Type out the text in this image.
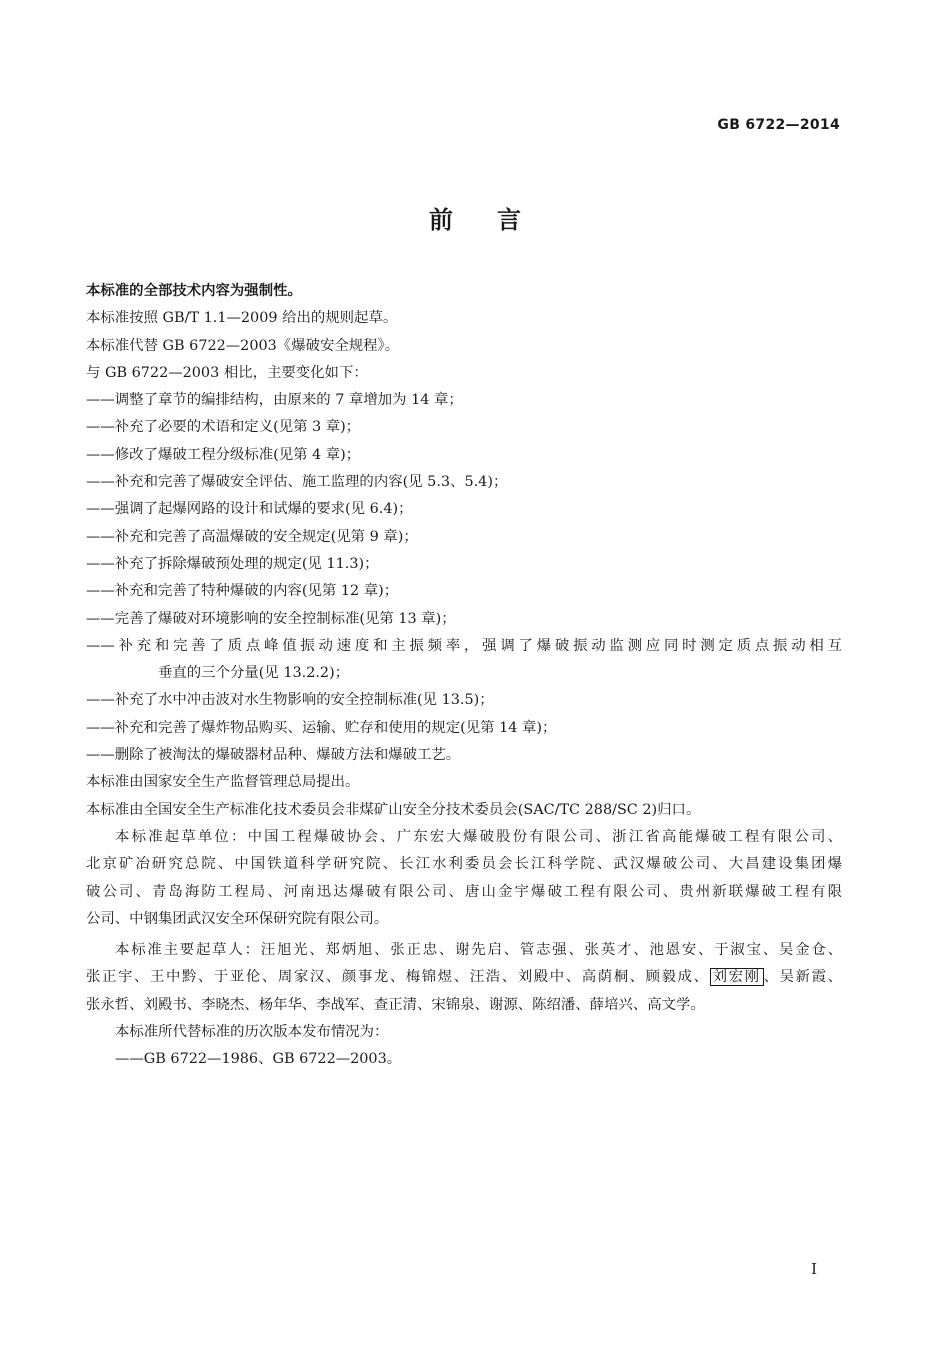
GB 6722—2014
前 言
本标准的全部技术内容为强制性。
本标准按照 GB/T 1.1—2009 给出的规则起草。
本标准代替 GB 6722—2003《爆破安全规程》。
与 GB 6722—2003 相比，主要变化如下：
——调整了章节的编排结构，由原来的 7 章增加为 14 章；
——补充了必要的术语和定义(见第 3 章)；
——修改了爆破工程分级标准(见第 4 章)；
——补充和完善了爆破安全评估、施工监理的内容(见 5.3、5.4)；
——强调了起爆网路的设计和试爆的要求(见 6.4)；
——补充和完善了高温爆破的安全规定(见第 9 章)；
——补充了拆除爆破预处理的规定(见 11.3)；
——补充和完善了特种爆破的内容(见第 12 章)；
——完善了爆破对环境影响的安全控制标准(见第 13 章)；
——补充和完善了质点峰值振动速度和主振频率，强调了爆破振动监测应同时测定质点振动相互
垂直的三个分量(见 13.2.2)；
——补充了水中冲击波对水生物影响的安全控制标准(见 13.5)；
——补充和完善了爆炸物品购买、运输、贮存和使用的规定(见第 14 章)；
——删除了被淘汰的爆破器材品种、爆破方法和爆破工艺。
本标准由国家安全生产监督管理总局提出。
本标准由全国安全生产标准化技术委员会非煤矿山安全分技术委员会(SAC/TC 288/SC 2)归口。
本标准起草单位：中国工程爆破协会、广东宏大爆破股份有限公司、浙江省高能爆破工程有限公司、
北京矿冶研究总院、中国铁道科学研究院、长江水利委员会长江科学院、武汉爆破公司、大昌建设集团爆
破公司、青岛海防工程局、河南迅达爆破有限公司、唐山金宇爆破工程有限公司、贵州新联爆破工程有限
公司、中钢集团武汉安全环保研究院有限公司。
本标准主要起草人：汪旭光、郑炳旭、张正忠、谢先启、管志强、张英才、池恩安、于淑宝、吴金仓、
张正宇、王中黔、于亚伦、周家汉、颜事龙、梅锦煜、汪浩、刘殿中、高荫桐、顾毅成、 刘宏刚 、吴新霞、
张永哲、刘殿书、李晓杰、杨年华、李战军、查正清、宋锦泉、谢源、陈绍潘、薛培兴、高文学。
本标准所代替标准的历次版本发布情况为：
——GB 6722—1986、GB 6722—2003。
I
